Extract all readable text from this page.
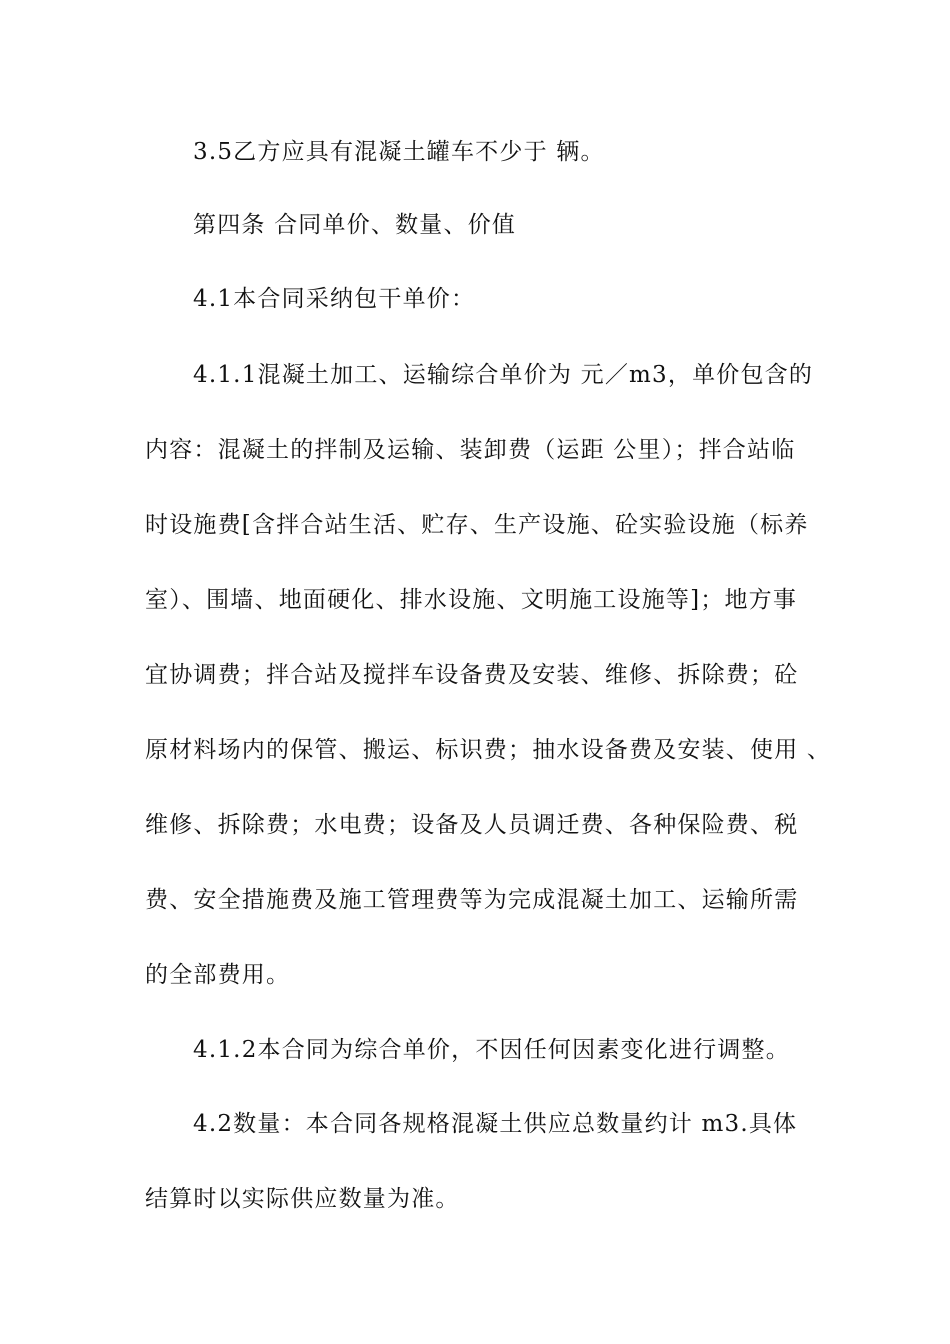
3.5乙方应具有混凝土罐车不少于 辆。
第四条 合同单价、数量、价值
4.1本合同采纳包干单价：
4.1.1混凝土加工、运输综合单价为 元／m3，单价包含的
内容：混凝土的拌制及运输、装卸费（运距 公里）；拌合站临
时设施费[含拌合站生活、贮存、生产设施、砼实验设施（标养
室）、围墙、地面硬化、排水设施、文明施工设施等]；地方事
宜协调费；拌合站及搅拌车设备费及安装、维修、拆除费；砼
原材料场内的保管、搬运、标识费；抽水设备费及安装、使用 、
维修、拆除费；水电费；设备及人员调迁费、各种保险费、税
费、安全措施费及施工管理费等为完成混凝土加工、运输所需
的全部费用。
4.1.2本合同为综合单价，不因任何因素变化进行调整。
4.2数量：本合同各规格混凝土供应总数量约计 m3.具体
结算时以实际供应数量为准。
